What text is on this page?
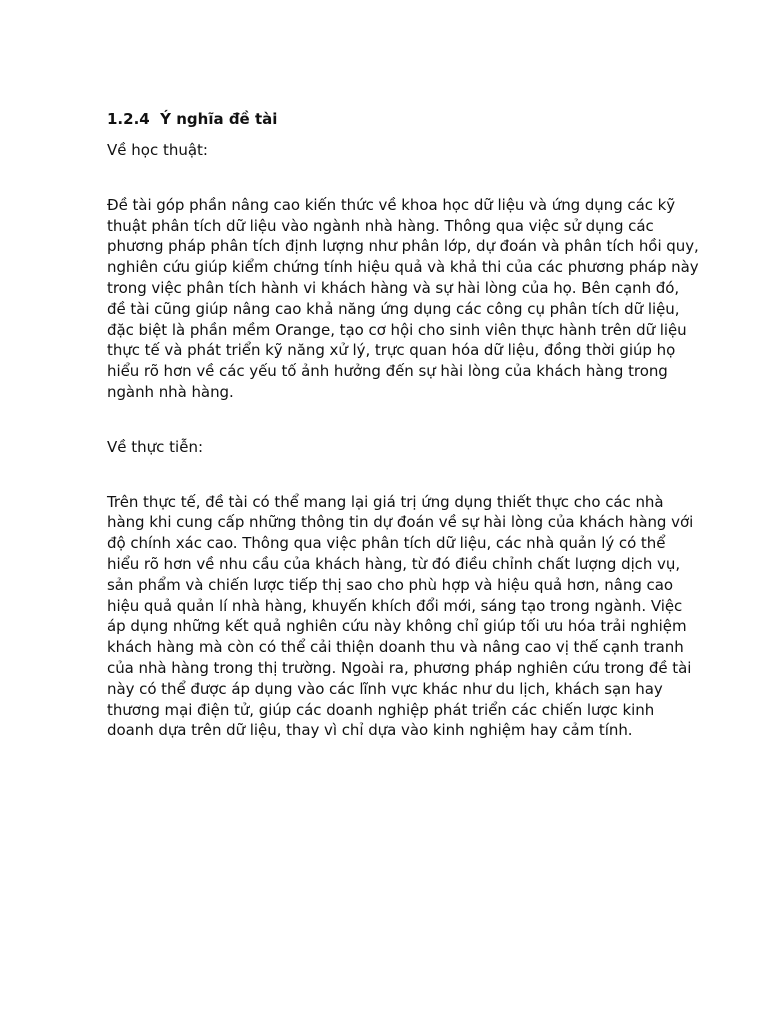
1.2.4  Ý nghĩa đề tài

Về học thuật:

Đề tài góp phần nâng cao kiến thức về khoa học dữ liệu và ứng dụng các kỹ thuật phân tích dữ liệu vào ngành nhà hàng. Thông qua việc sử dụng các phương pháp phân tích định lượng như phân lớp, dự đoán và phân tích hồi quy, nghiên cứu giúp kiểm chứng tính hiệu quả và khả thi của các phương pháp này trong việc phân tích hành vi khách hàng và sự hài lòng của họ. Bên cạnh đó, đề tài cũng giúp nâng cao khả năng ứng dụng các công cụ phân tích dữ liệu, đặc biệt là phần mềm Orange, tạo cơ hội cho sinh viên thực hành trên dữ liệu thực tế và phát triển kỹ năng xử lý, trực quan hóa dữ liệu, đồng thời giúp họ hiểu rõ hơn về các yếu tố ảnh hưởng đến sự hài lòng của khách hàng trong ngành nhà hàng.

Về thực tiễn:

Trên thực tế, đề tài có thể mang lại giá trị ứng dụng thiết thực cho các nhà hàng khi cung cấp những thông tin dự đoán về sự hài lòng của khách hàng với độ chính xác cao. Thông qua việc phân tích dữ liệu, các nhà quản lý có thể hiểu rõ hơn về nhu cầu của khách hàng, từ đó điều chỉnh chất lượng dịch vụ, sản phẩm và chiến lược tiếp thị sao cho phù hợp và hiệu quả hơn, nâng cao hiệu quả quản lí nhà hàng, khuyến khích đổi mới, sáng tạo trong ngành. Việc áp dụng những kết quả nghiên cứu này không chỉ giúp tối ưu hóa trải nghiệm khách hàng mà còn có thể cải thiện doanh thu và nâng cao vị thế cạnh tranh của nhà hàng trong thị trường. Ngoài ra, phương pháp nghiên cứu trong đề tài này có thể được áp dụng vào các lĩnh vực khác như du lịch, khách sạn hay thương mại điện tử, giúp các doanh nghiệp phát triển các chiến lược kinh doanh dựa trên dữ liệu, thay vì chỉ dựa vào kinh nghiệm hay cảm tính.
